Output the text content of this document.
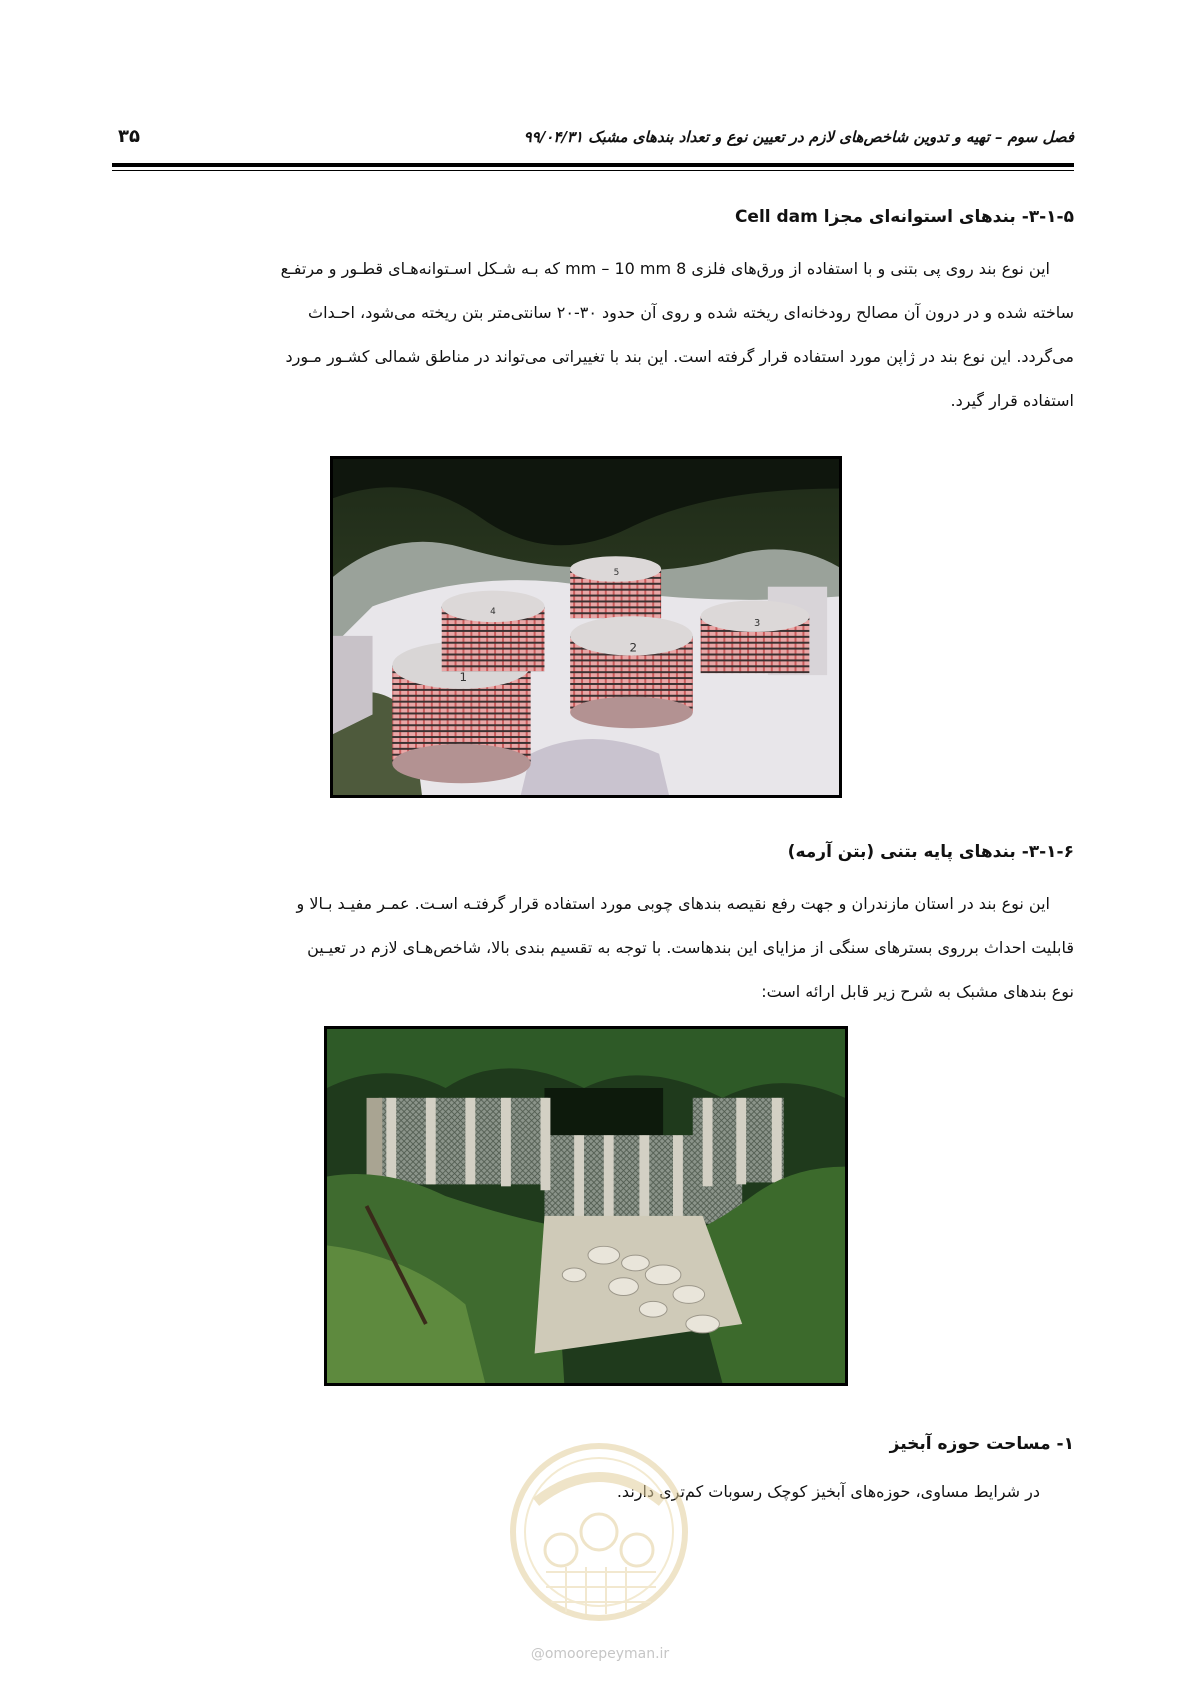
فصل سوم – تهیه و تدوین شاخص‌های لازم در تعیین نوع و تعداد بندهای مشبک ۹۹/۰۴/۳۱
۳۵
۳-۱-۵- بندهای استوانه‌ای مجزا Cell dam
این نوع بند روی پی بتنی و با استفاده از ورق‌های فلزی 8 mm – 10 mm که بـه شـکل اسـتوانه‌هـای قطـور و مرتفـع
ساخته شده و در درون آن مصالح رودخانه‌ای ریخته شده و روی آن حدود ۳۰-۲۰ سانتی‌متر بتن ریخته می‌شود، احـداث
می‌گردد. این نوع بند در ژاپن مورد استفاده قرار گرفته است. این بند با تغییراتی می‌تواند در مناطق شمالی کشـور مـورد
استفاده قرار گیرد.
1
2
3
4
5
۳-۱-۶- بندهای پایه بتنی (بتن آرمه)
این نوع بند در استان مازندران و جهت رفع نقیصه بندهای چوبی مورد استفاده قرار گرفتـه اسـت. عمـر مفیـد بـالا و
قابلیت احداث برروی بسترهای سنگی از مزایای این بندهاست. با توجه به تقسیم بندی بالا، شاخص‌هـای لازم در تعیـین
نوع بندهای مشبک به شرح زیر قابل ارائه است:
۱- مساحت حوزه آبخیز
در شرایط مساوی، حوزه‌های آبخیز کوچک رسوبات کم‌تری دارند.
@omoorepeyman.ir
